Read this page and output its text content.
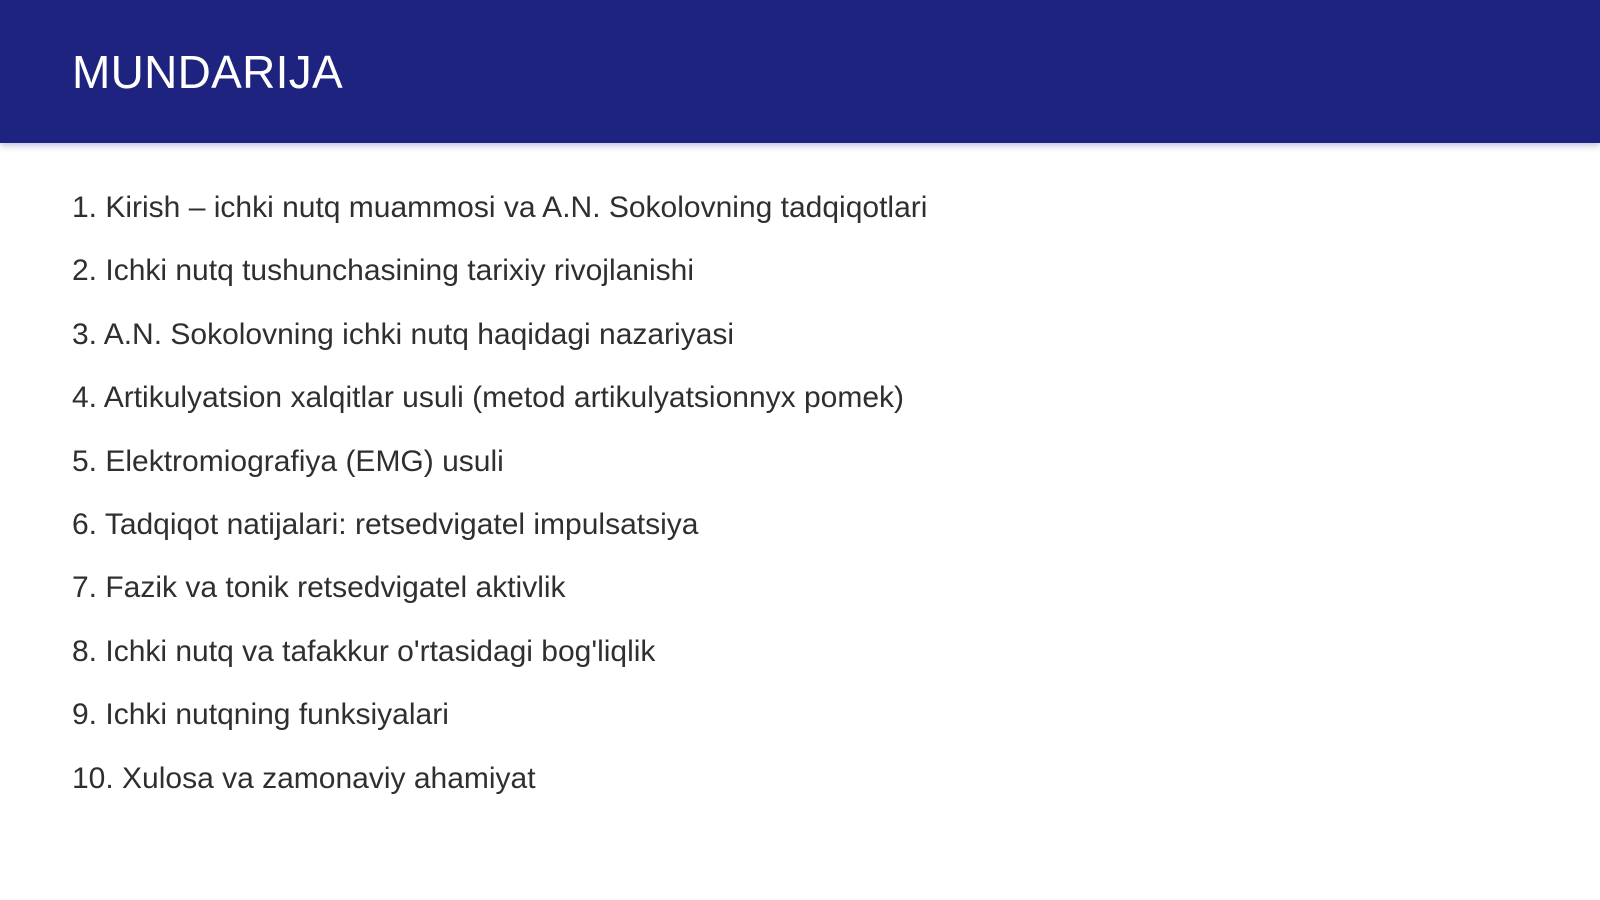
MUNDARIJA
1. Kirish – ichki nutq muammosi va A.N. Sokolovning tadqiqotlari
2. Ichki nutq tushunchasining tarixiy rivojlanishi
3. A.N. Sokolovning ichki nutq haqidagi nazariyasi
4. Artikulyatsion xalqitlar usuli (metod artikulyatsionnyx pomek)
5. Elektromiografiya (EMG) usuli
6. Tadqiqot natijalari: retsedvigatel impulsatsiya
7. Fazik va tonik retsedvigatel aktivlik
8. Ichki nutq va tafakkur o'rtasidagi bog'liqlik
9. Ichki nutqning funksiyalari
10. Xulosa va zamonaviy ahamiyat
